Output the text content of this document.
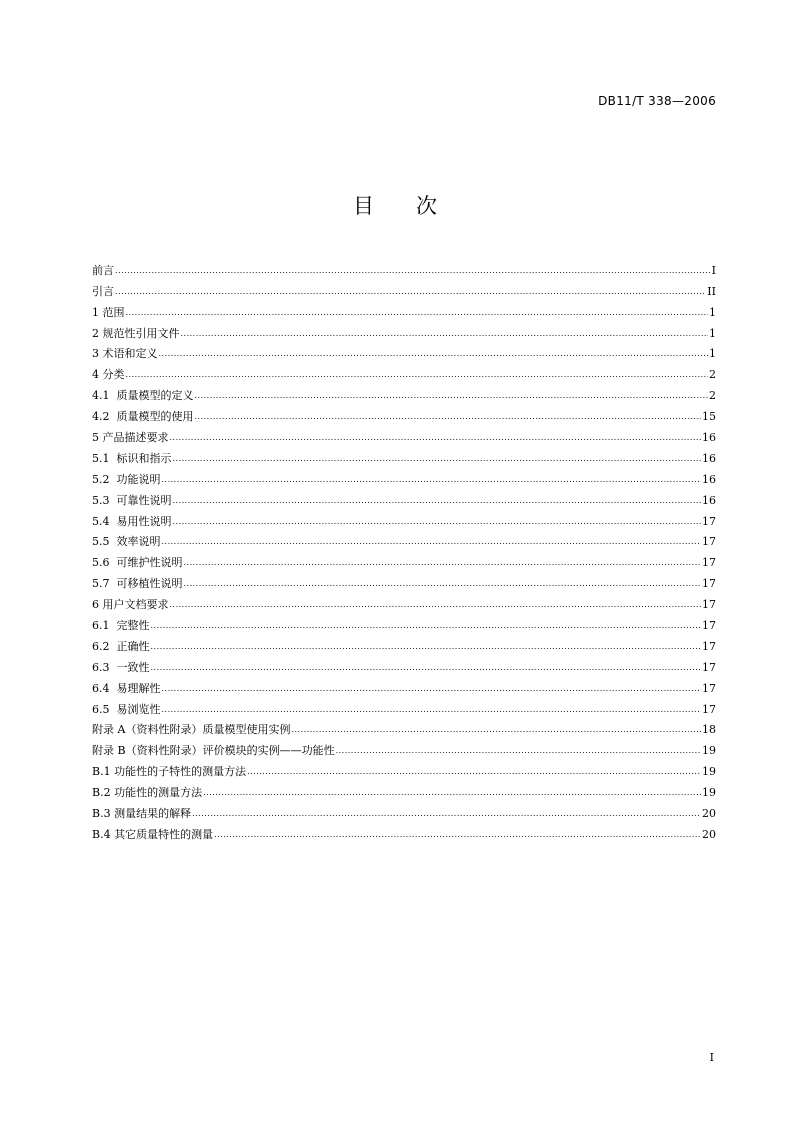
DB11/T 338—2006
目 次
前言 .....	I
引言 .....	II
1 范围 .....	1
2 规范性引用文件 .....	1
3 术语和定义 .....	1
4 分类 .....	2
4.1  质量模型的定义 .....	2
4.2  质量模型的使用 .....	15
5 产品描述要求 .....	16
5.1  标识和指示 .....	16
5.2  功能说明 .....	16
5.3  可靠性说明 .....	16
5.4  易用性说明 .....	17
5.5  效率说明 .....	17
5.6  可维护性说明 .....	17
5.7  可移植性说明 .....	17
6 用户文档要求 .....	17
6.1  完整性 .....	17
6.2  正确性 .....	17
6.3  一致性 .....	17
6.4  易理解性 .....	17
6.5  易浏览性 .....	17
附录 A（资料性附录）质量模型使用实例 .....	18
附录 B（资料性附录）评价模块的实例——功能性 .....	19
B.1 功能性的子特性的测量方法 .....	19
B.2 功能性的测量方法 .....	19
B.3 测量结果的解释 .....	20
B.4 其它质量特性的测量 .....	20
I
